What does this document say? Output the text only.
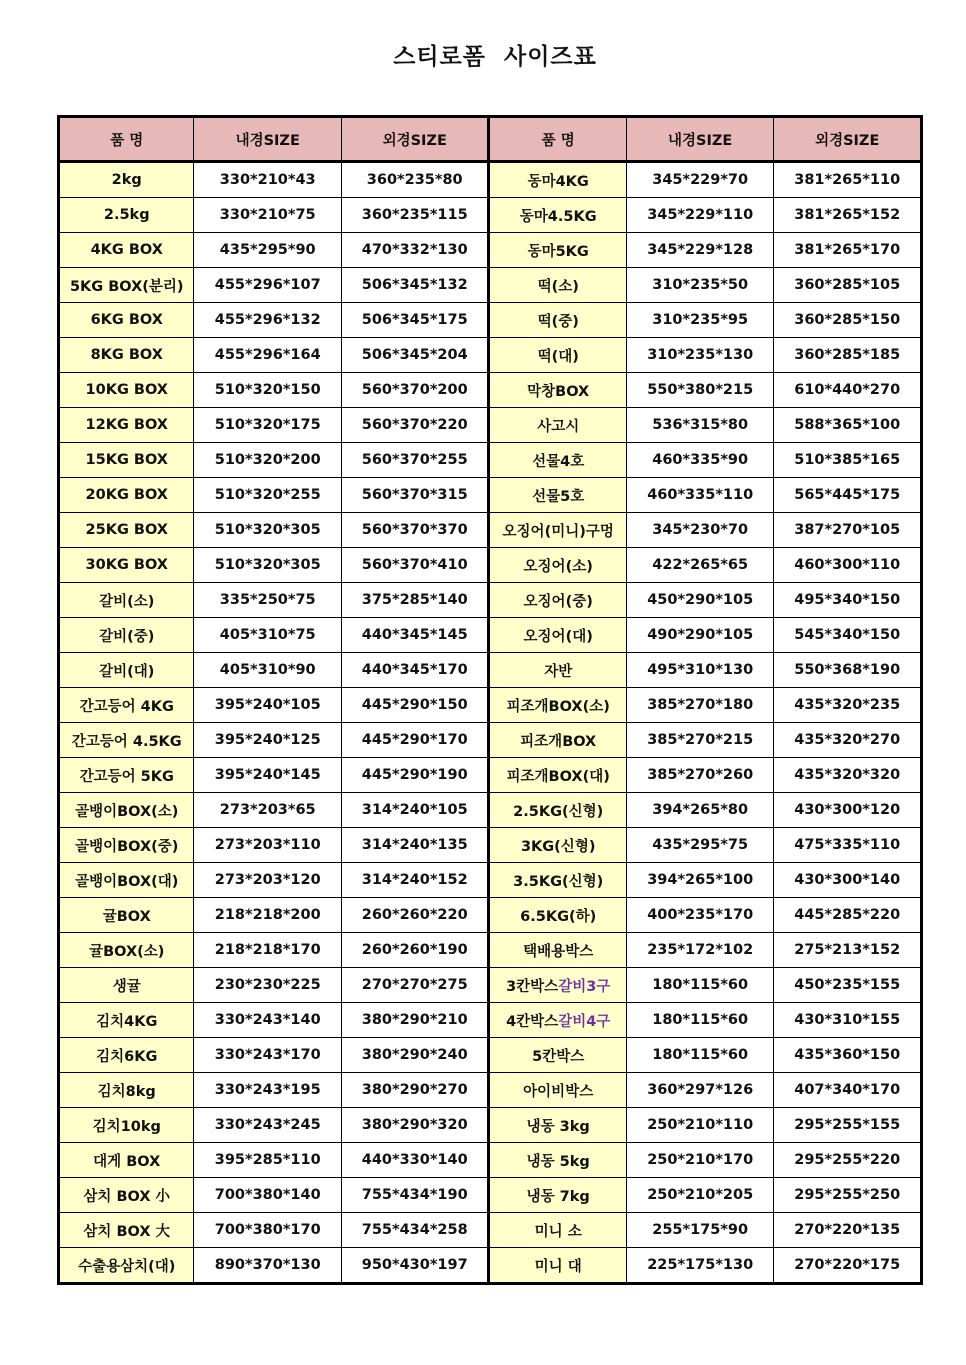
스티로폼  사이즈표
품 명	내경SIZE	외경SIZE	품 명	내경SIZE	외경SIZE
2kg	330*210*43	360*235*80	동마4KG	345*229*70	381*265*110
2.5kg	330*210*75	360*235*115	동마4.5KG	345*229*110	381*265*152
4KG BOX	435*295*90	470*332*130	동마5KG	345*229*128	381*265*170
5KG BOX(분리)	455*296*107	506*345*132	떡(소)	310*235*50	360*285*105
6KG BOX	455*296*132	506*345*175	떡(중)	310*235*95	360*285*150
8KG BOX	455*296*164	506*345*204	떡(대)	310*235*130	360*285*185
10KG BOX	510*320*150	560*370*200	막창BOX	550*380*215	610*440*270
12KG BOX	510*320*175	560*370*220	사고시	536*315*80	588*365*100
15KG BOX	510*320*200	560*370*255	선물4호	460*335*90	510*385*165
20KG BOX	510*320*255	560*370*315	선물5호	460*335*110	565*445*175
25KG BOX	510*320*305	560*370*370	오징어(미니)구멍	345*230*70	387*270*105
30KG BOX	510*320*305	560*370*410	오징어(소)	422*265*65	460*300*110
갈비(소)	335*250*75	375*285*140	오징어(중)	450*290*105	495*340*150
갈비(중)	405*310*75	440*345*145	오징어(대)	490*290*105	545*340*150
갈비(대)	405*310*90	440*345*170	자반	495*310*130	550*368*190
간고등어 4KG	395*240*105	445*290*150	피조개BOX(소)	385*270*180	435*320*235
간고등어 4.5KG	395*240*125	445*290*170	피조개BOX	385*270*215	435*320*270
간고등어 5KG	395*240*145	445*290*190	피조개BOX(대)	385*270*260	435*320*320
골뱅이BOX(소)	273*203*65	314*240*105	2.5KG(신형)	394*265*80	430*300*120
골뱅이BOX(중)	273*203*110	314*240*135	3KG(신형)	435*295*75	475*335*110
골뱅이BOX(대)	273*203*120	314*240*152	3.5KG(신형)	394*265*100	430*300*140
귤BOX	218*218*200	260*260*220	6.5KG(하)	400*235*170	445*285*220
귤BOX(소)	218*218*170	260*260*190	택배용박스	235*172*102	275*213*152
생귤	230*230*225	270*270*275	3칸박스갈비3구	180*115*60	450*235*155
김치4KG	330*243*140	380*290*210	4칸박스갈비4구	180*115*60	430*310*155
김치6KG	330*243*170	380*290*240	5칸박스	180*115*60	435*360*150
김치8kg	330*243*195	380*290*270	아이비박스	360*297*126	407*340*170
김치10kg	330*243*245	380*290*320	냉동 3kg	250*210*110	295*255*155
대게 BOX	395*285*110	440*330*140	냉동 5kg	250*210*170	295*255*220
삼치 BOX 小	700*380*140	755*434*190	냉동 7kg	250*210*205	295*255*250
삼치 BOX 大	700*380*170	755*434*258	미니 소	255*175*90	270*220*135
수출용삼치(대)	890*370*130	950*430*197	미니 대	225*175*130	270*220*175
